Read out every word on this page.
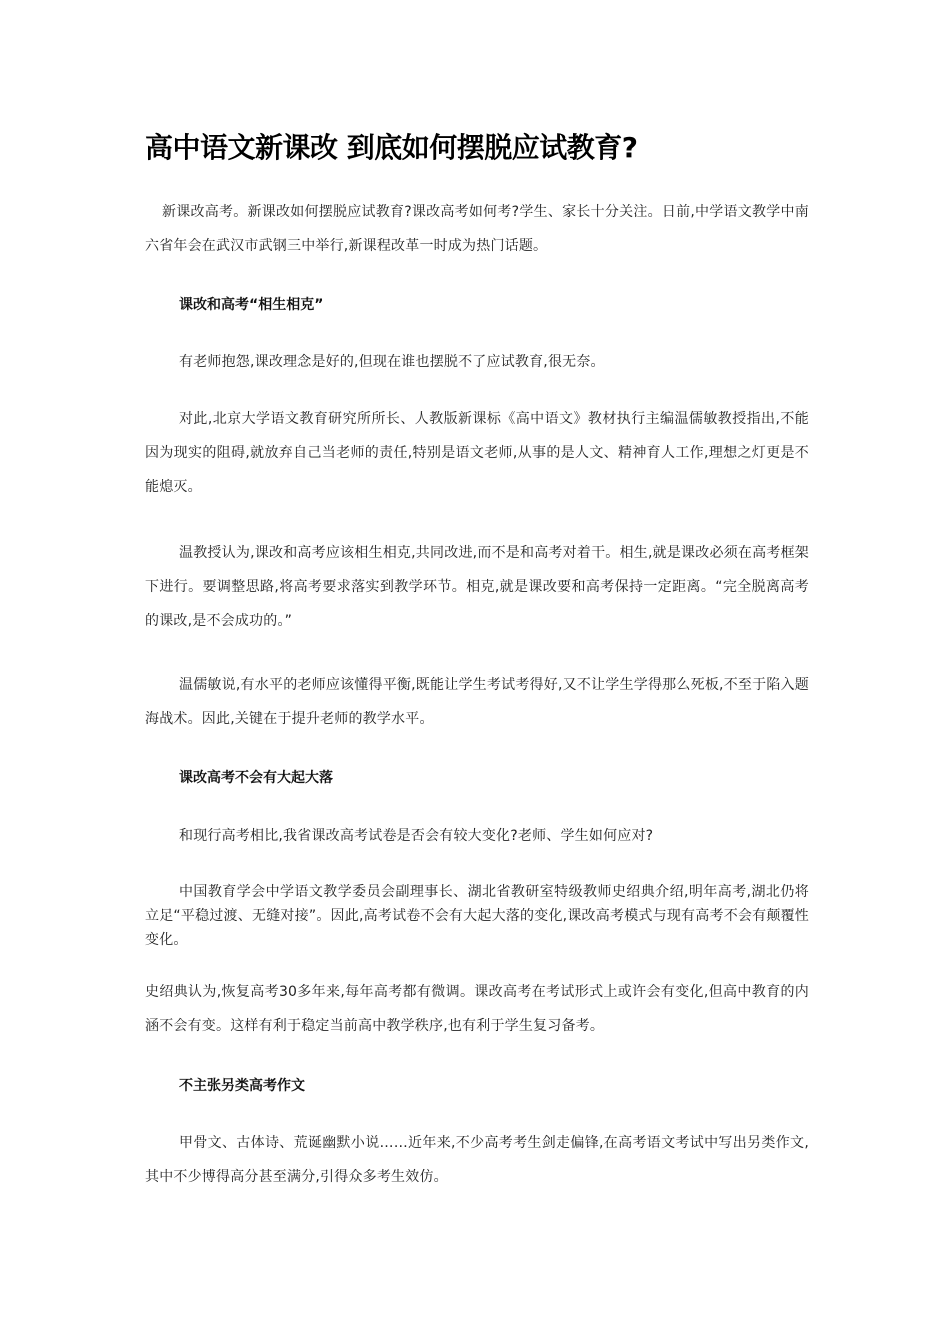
高中语文新课改 到底如何摆脱应试教育?
新课改高考。新课改如何摆脱应试教育?课改高考如何考?学生、家长十分关注。日前,中学语文教学中南六省年会在武汉市武钢三中举行,新课程改革一时成为热门话题。
课改和高考“相生相克”
有老师抱怨,课改理念是好的,但现在谁也摆脱不了应试教育,很无奈。
对此,北京大学语文教育研究所所长、人教版新课标《高中语文》教材执行主编温儒敏教授指出,不能因为现实的阻碍,就放弃自己当老师的责任,特别是语文老师,从事的是人文、精神育人工作,理想之灯更是不能熄灭。
温教授认为,课改和高考应该相生相克,共同改进,而不是和高考对着干。相生,就是课改必须在高考框架下进行。要调整思路,将高考要求落实到教学环节。相克,就是课改要和高考保持一定距离。“完全脱离高考的课改,是不会成功的。”
温儒敏说,有水平的老师应该懂得平衡,既能让学生考试考得好,又不让学生学得那么死板,不至于陷入题海战术。因此,关键在于提升老师的教学水平。
课改高考不会有大起大落
和现行高考相比,我省课改高考试卷是否会有较大变化?老师、学生如何应对?
中国教育学会中学语文教学委员会副理事长、湖北省教研室特级教师史绍典介绍,明年高考,湖北仍将立足“平稳过渡、无缝对接”。因此,高考试卷不会有大起大落的变化,课改高考模式与现有高考不会有颠覆性变化。
史绍典认为,恢复高考30多年来,每年高考都有微调。课改高考在考试形式上或许会有变化,但高中教育的内涵不会有变。这样有利于稳定当前高中教学秩序,也有利于学生复习备考。
不主张另类高考作文
甲骨文、古体诗、荒诞幽默小说……近年来,不少高考考生剑走偏锋,在高考语文考试中写出另类作文,其中不少博得高分甚至满分,引得众多考生效仿。
